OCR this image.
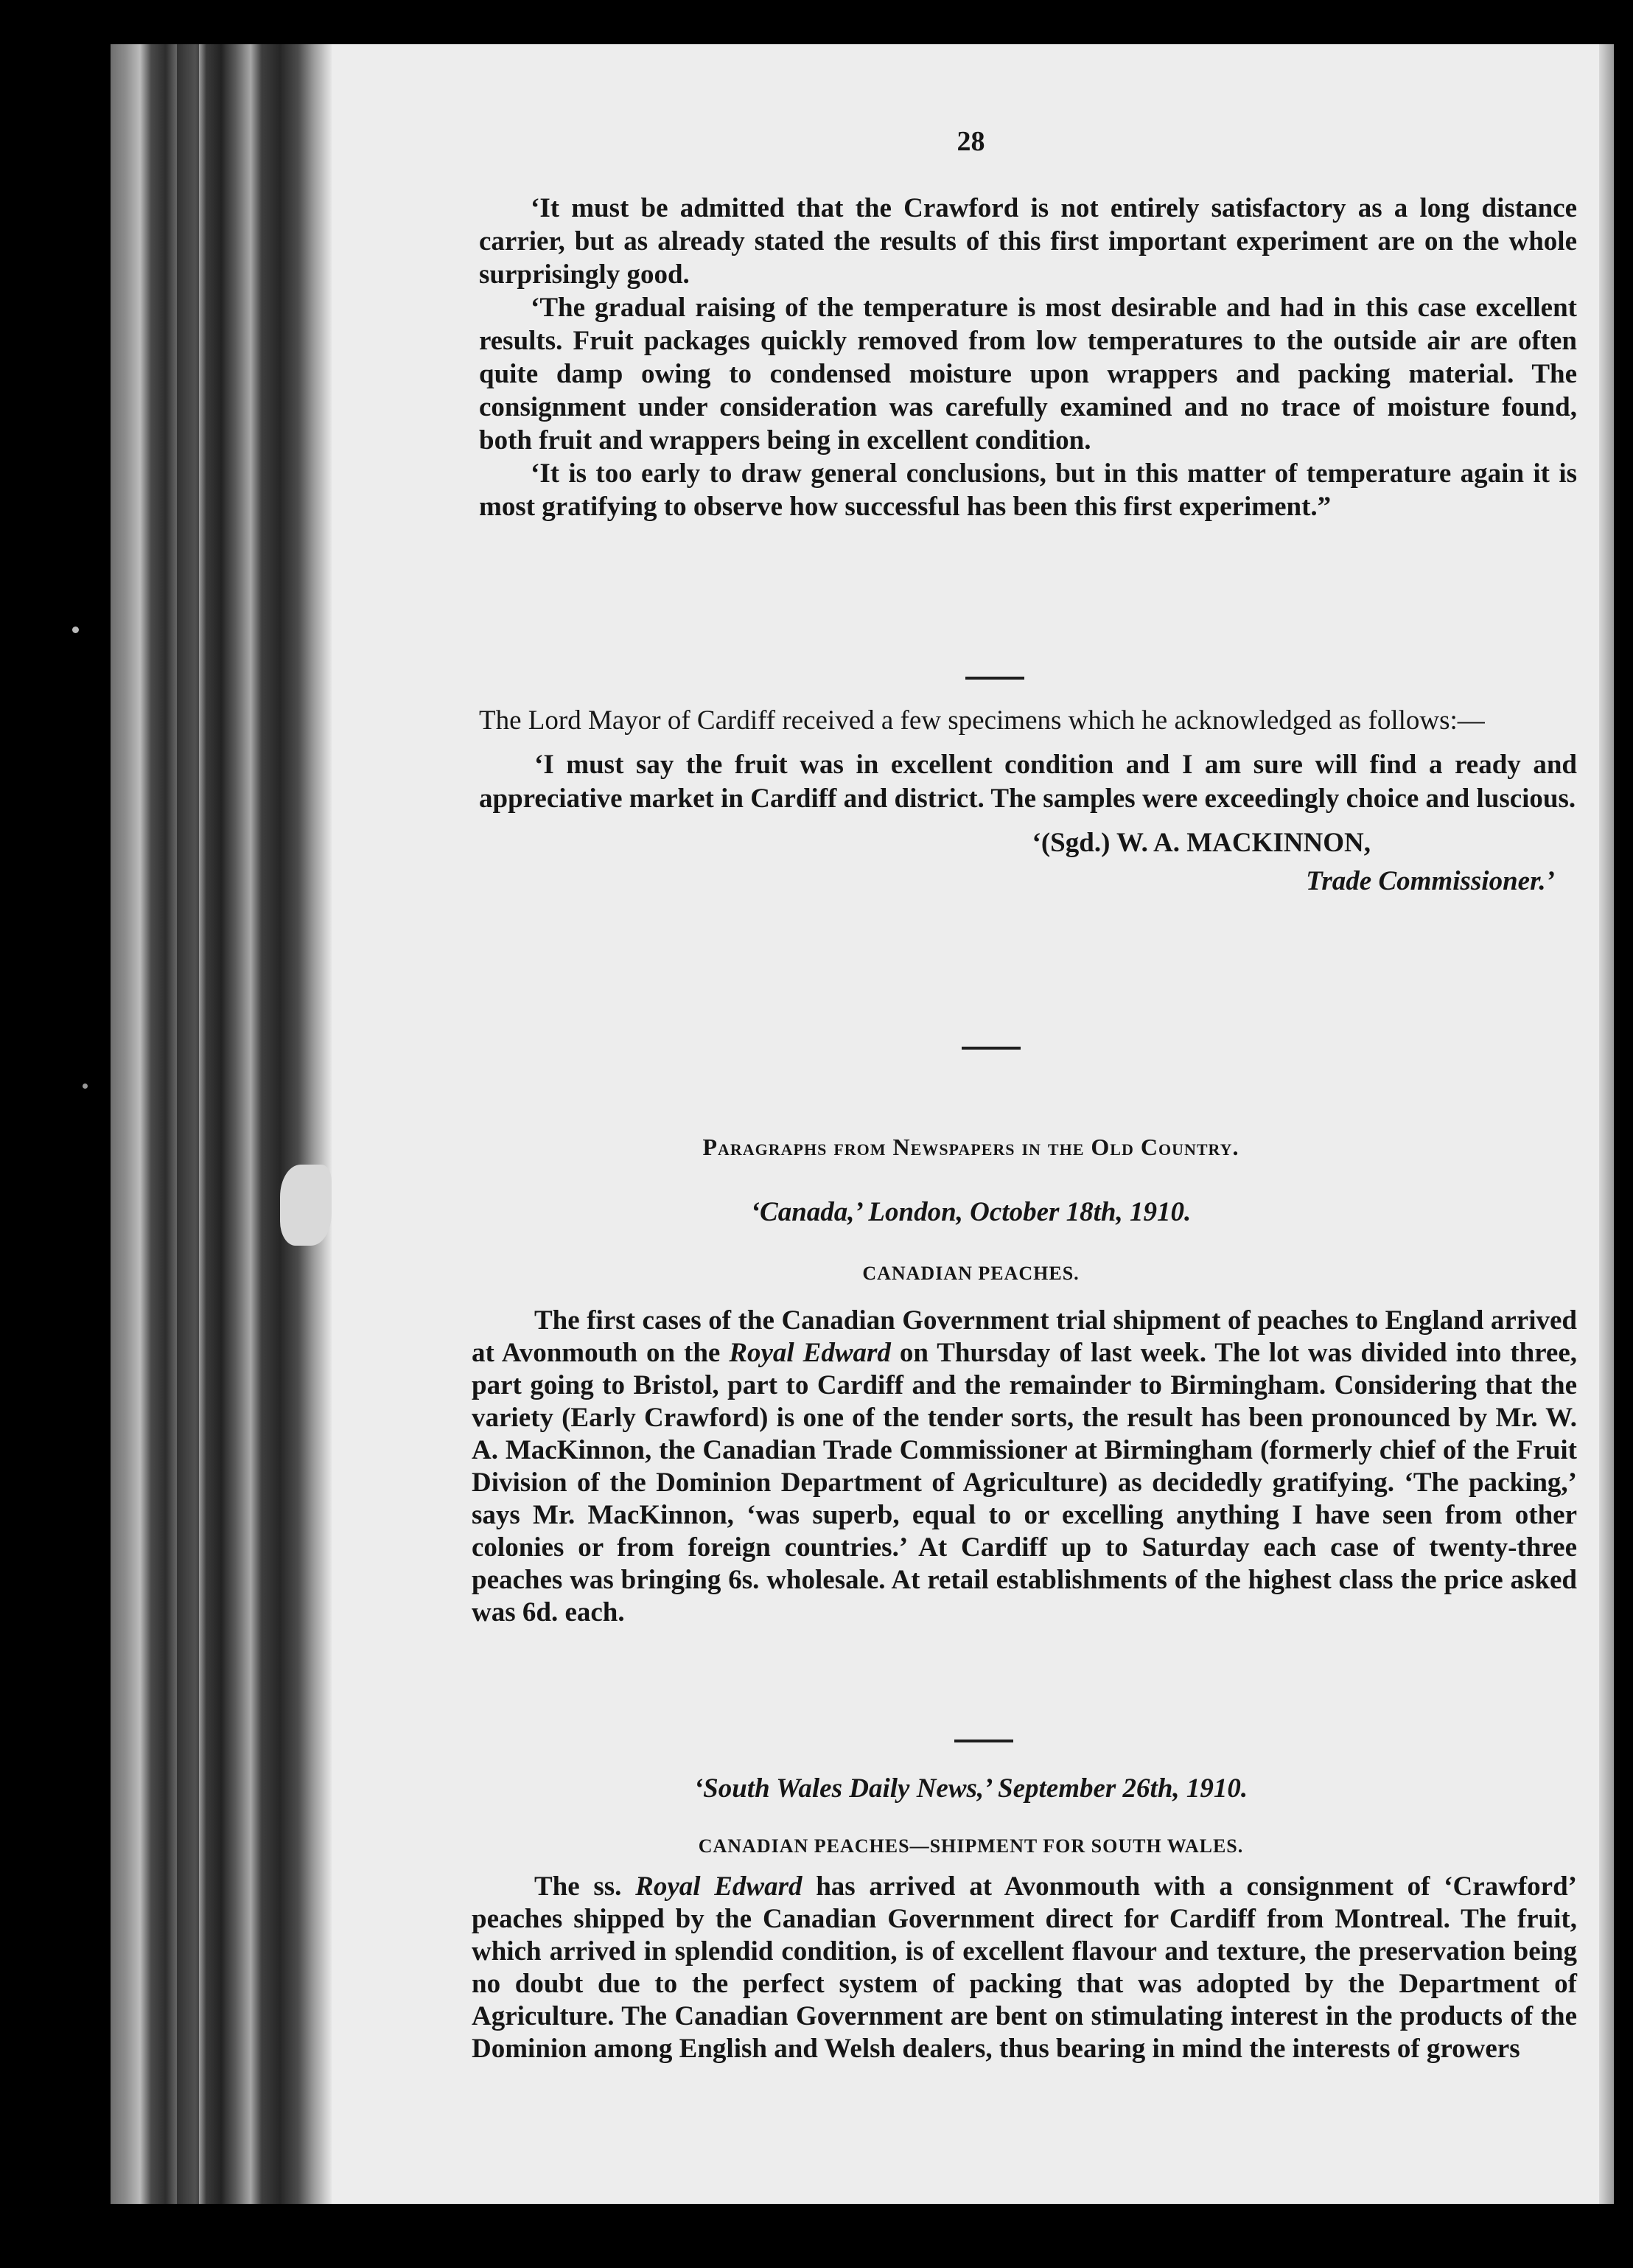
28

‘It must be admitted that the Crawford is not entirely satisfactory as a long distance carrier, but as already stated the results of this first important experiment are on the whole surprisingly good.

‘The gradual raising of the temperature is most desirable and had in this case excellent results. Fruit packages quickly removed from low temperatures to the outside air are often quite damp owing to condensed moisture upon wrappers and packing material. The consignment under consideration was carefully examined and no trace of moisture found, both fruit and wrappers being in excellent condition.

‘It is too early to draw general conclusions, but in this matter of temperature again it is most gratifying to observe how successful has been this first experiment.”

The Lord Mayor of Cardiff received a few specimens which he acknowledged as follows:—

‘I must say the fruit was in excellent condition and I am sure will find a ready and appreciative market in Cardiff and district. The samples were exceedingly choice and luscious.

‘(Sgd.) W. A. MACKINNON,

Trade Commissioner.’

Paragraphs from Newspapers in the Old Country.

‘Canada,’ London, October 18th, 1910.

CANADIAN PEACHES.

The first cases of the Canadian Government trial shipment of peaches to England arrived at Avonmouth on the Royal Edward on Thursday of last week. The lot was divided into three, part going to Bristol, part to Cardiff and the remainder to Birmingham. Considering that the variety (Early Crawford) is one of the tender sorts, the result has been pronounced by Mr. W. A. MacKinnon, the Canadian Trade Commissioner at Birmingham (formerly chief of the Fruit Division of the Dominion Department of Agriculture) as decidedly gratifying. ‘The packing,’ says Mr. MacKinnon, ‘was superb, equal to or excelling anything I have seen from other colonies or from foreign countries.’ At Cardiff up to Saturday each case of twenty-three peaches was bringing 6s. wholesale. At retail establishments of the highest class the price asked was 6d. each.

‘South Wales Daily News,’ September 26th, 1910.

CANADIAN PEACHES—SHIPMENT FOR SOUTH WALES.

The ss. Royal Edward has arrived at Avonmouth with a consignment of ‘Crawford’ peaches shipped by the Canadian Government direct for Cardiff from Montreal. The fruit, which arrived in splendid condition, is of excellent flavour and texture, the preservation being no doubt due to the perfect system of packing that was adopted by the Department of Agriculture. The Canadian Government are bent on stimulating interest in the products of the Dominion among English and Welsh dealers, thus bearing in mind the interests of growers
